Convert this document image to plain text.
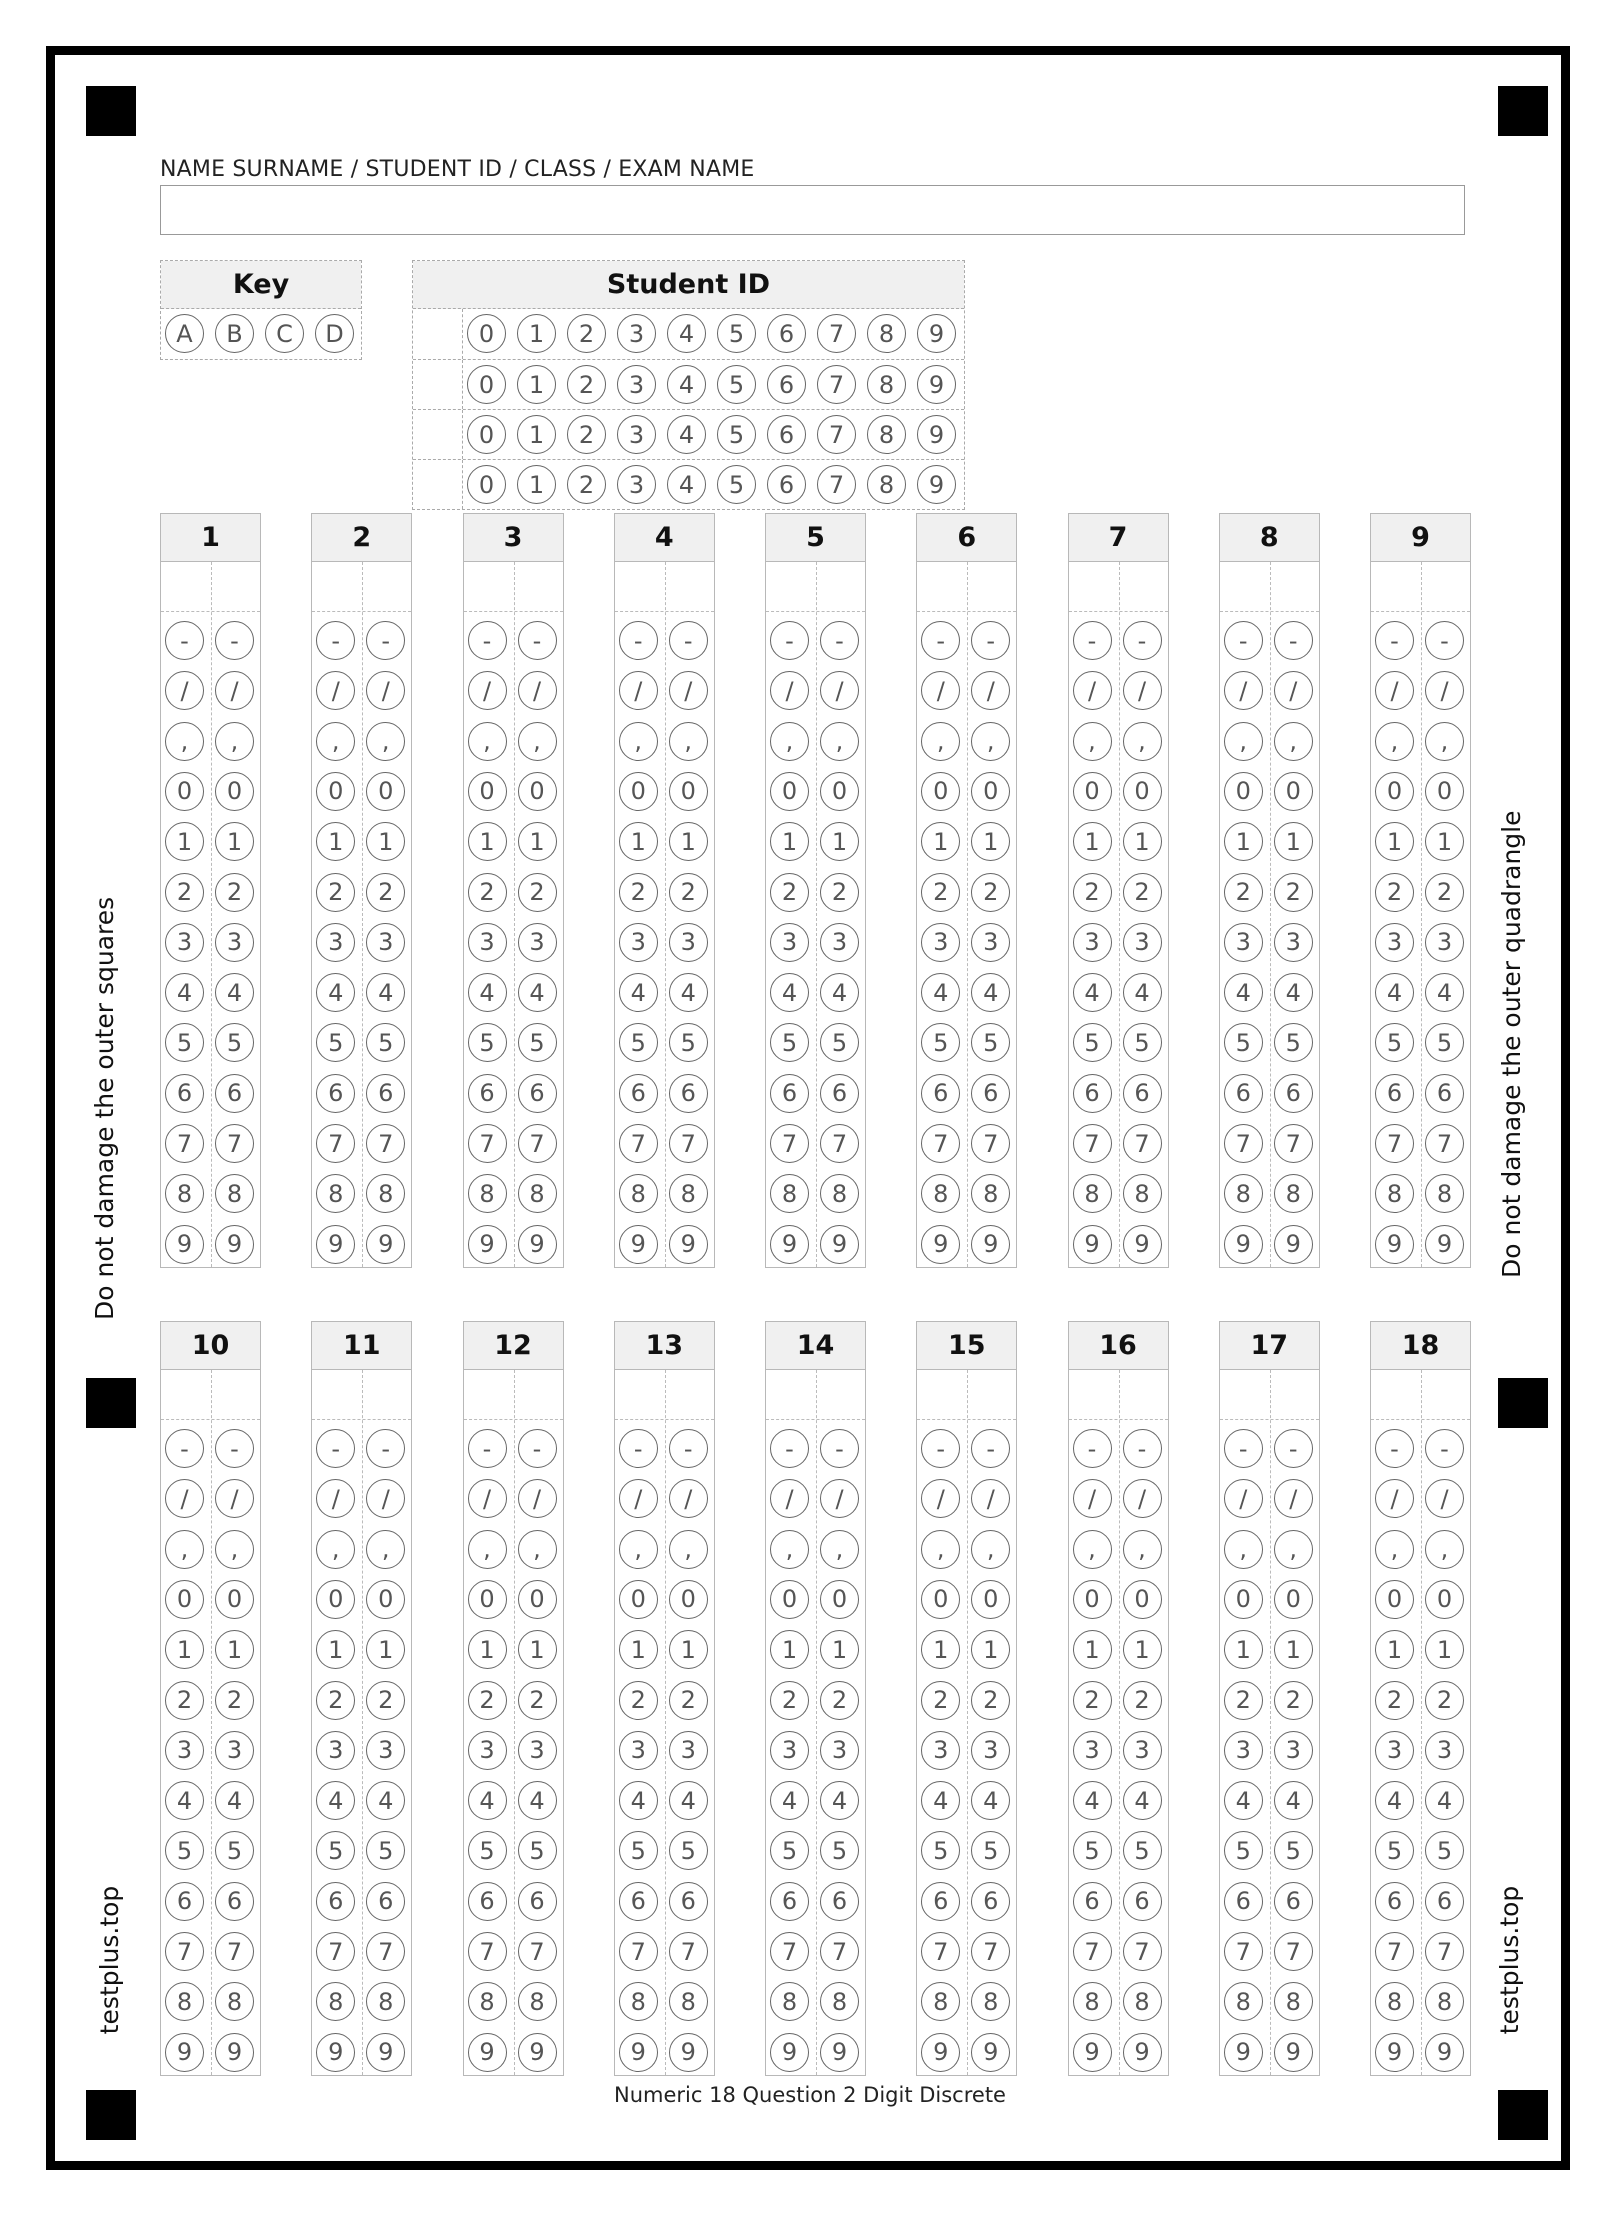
Do not damage the outer squares	Do not damage the outer quadrangle
testplus.top	testplus.top
NAME SURNAME / STUDENT ID / CLASS / EXAM NAME
Key
A	B	C	D
Student ID
0	1	2	3	4	5	6	7	8	9
0	1	2	3	4	5	6	7	8	9
0	1	2	3	4	5	6	7	8	9
0	1	2	3	4	5	6	7	8	9
1
-	-
/	/
,	,
0	0
1	1
2	2
3	3
4	4
5	5
6	6
7	7
8	8
9	9
2
-	-
/	/
,	,
0	0
1	1
2	2
3	3
4	4
5	5
6	6
7	7
8	8
9	9
3
-	-
/	/
,	,
0	0
1	1
2	2
3	3
4	4
5	5
6	6
7	7
8	8
9	9
4
-	-
/	/
,	,
0	0
1	1
2	2
3	3
4	4
5	5
6	6
7	7
8	8
9	9
5
-	-
/	/
,	,
0	0
1	1
2	2
3	3
4	4
5	5
6	6
7	7
8	8
9	9
6
-	-
/	/
,	,
0	0
1	1
2	2
3	3
4	4
5	5
6	6
7	7
8	8
9	9
7
-	-
/	/
,	,
0	0
1	1
2	2
3	3
4	4
5	5
6	6
7	7
8	8
9	9
8
-	-
/	/
,	,
0	0
1	1
2	2
3	3
4	4
5	5
6	6
7	7
8	8
9	9
9
-	-
/	/
,	,
0	0
1	1
2	2
3	3
4	4
5	5
6	6
7	7
8	8
9	9
10
-	-
/	/
,	,
0	0
1	1
2	2
3	3
4	4
5	5
6	6
7	7
8	8
9	9
11
-	-
/	/
,	,
0	0
1	1
2	2
3	3
4	4
5	5
6	6
7	7
8	8
9	9
12
-	-
/	/
,	,
0	0
1	1
2	2
3	3
4	4
5	5
6	6
7	7
8	8
9	9
13
-	-
/	/
,	,
0	0
1	1
2	2
3	3
4	4
5	5
6	6
7	7
8	8
9	9
14
-	-
/	/
,	,
0	0
1	1
2	2
3	3
4	4
5	5
6	6
7	7
8	8
9	9
15
-	-
/	/
,	,
0	0
1	1
2	2
3	3
4	4
5	5
6	6
7	7
8	8
9	9
16
-	-
/	/
,	,
0	0
1	1
2	2
3	3
4	4
5	5
6	6
7	7
8	8
9	9
17
-	-
/	/
,	,
0	0
1	1
2	2
3	3
4	4
5	5
6	6
7	7
8	8
9	9
18
-	-
/	/
,	,
0	0
1	1
2	2
3	3
4	4
5	5
6	6
7	7
8	8
9	9
Numeric 18 Question 2 Digit Discrete
